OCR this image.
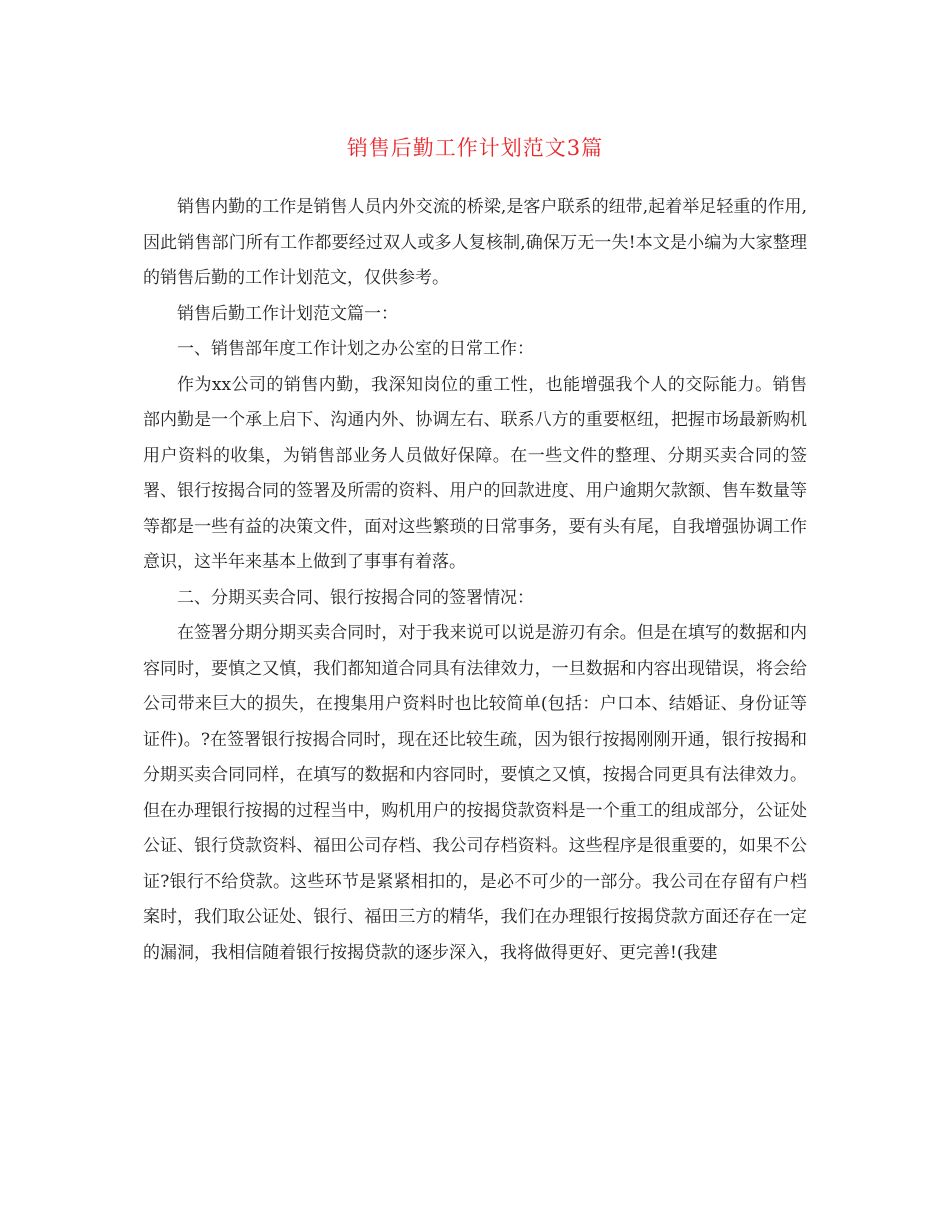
销售后勤工作计划范文3篇

销售内勤的工作是销售人员内外交流的桥梁,是客户联系的纽带,起着举足轻重的作用,因此销售部门所有工作都要经过双人或多人复核制,确保万无一失!本文是小编为大家整理的销售后勤的工作计划范文，仅供参考。

销售后勤工作计划范文篇一：

一、销售部年度工作计划之办公室的日常工作：

作为xx公司的销售内勤，我深知岗位的重工性，也能增强我个人的交际能力。销售部内勤是一个承上启下、沟通内外、协调左右、联系八方的重要枢纽，把握市场最新购机用户资料的收集，为销售部业务人员做好保障。在一些文件的整理、分期买卖合同的签署、银行按揭合同的签署及所需的资料、用户的回款进度、用户逾期欠款额、售车数量等等都是一些有益的决策文件，面对这些繁琐的日常事务，要有头有尾，自我增强协调工作意识，这半年来基本上做到了事事有着落。

二、分期买卖合同、银行按揭合同的签署情况：

在签署分期分期买卖合同时，对于我来说可以说是游刃有余。但是在填写的数据和内容同时，要慎之又慎，我们都知道合同具有法律效力，一旦数据和内容出现错误，将会给公司带来巨大的损失，在搜集用户资料时也比较简单(包括：户口本、结婚证、身份证等证件)。?在签署银行按揭合同时，现在还比较生疏，因为银行按揭刚刚开通，银行按揭和分期买卖合同同样，在填写的数据和内容同时，要慎之又慎，按揭合同更具有法律效力。但在办理银行按揭的过程当中，购机用户的按揭贷款资料是一个重工的组成部分，公证处公证、银行贷款资料、福田公司存档、我公司存档资料。这些程序是很重要的，如果不公证?银行不给贷款。这些环节是紧紧相扣的，是必不可少的一部分。我公司在存留有户档案时，我们取公证处、银行、福田三方的精华，我们在办理银行按揭贷款方面还存在一定的漏洞，我相信随着银行按揭贷款的逐步深入，我将做得更好、更完善!(我建
